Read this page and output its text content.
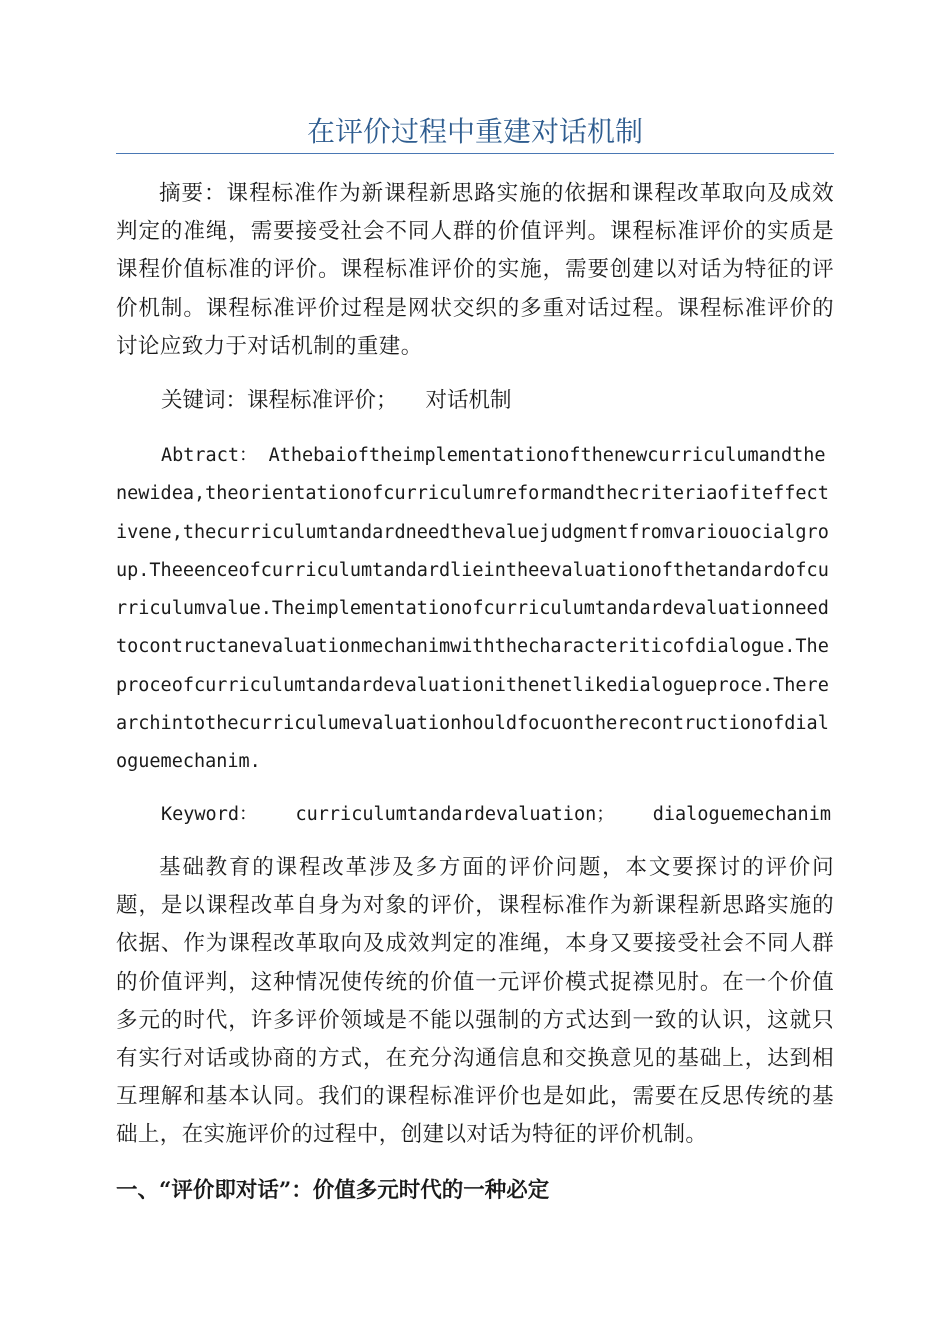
在评价过程中重建对话机制

摘要：课程标准作为新课程新思路实施的依据和课程改革取向及成效判定的准绳，需要接受社会不同人群的价值评判。课程标准评价的实质是课程价值标准的评价。课程标准评价的实施，需要创建以对话为特征的评价机制。课程标准评价过程是网状交织的多重对话过程。课程标准评价的讨论应致力于对话机制的重建。

关键词：课程标准评价； 对话机制

Abtract： Athebaioftheimplementationofthenewcurriculumandthenewidea,theorientationofcurriculumreformandthecriteriaofiteffectivene,thecurriculumtandardneedthevaluejudgmentfromvariouocialgroup.Theeenceofcurriculumtandardlieintheevaluationofthetandardofcurriculumvalue.Theimplementationofcurriculumtandardevaluationneedtocontructanevaluationmechanimwiththecharacteriticofdialogue.Theproceofcurriculumtandardevaluationithenetlikedialogueproce.Therearchintothecurriculumevaluationhouldfocuontherecontructionofdialoguemechanim.

Keyword： curriculumtandardevaluation； dialoguemechanim

基础教育的课程改革涉及多方面的评价问题，本文要探讨的评价问题，是以课程改革自身为对象的评价，课程标准作为新课程新思路实施的依据、作为课程改革取向及成效判定的准绳，本身又要接受社会不同人群的价值评判，这种情况使传统的价值一元评价模式捉襟见肘。在一个价值多元的时代，许多评价领域是不能以强制的方式达到一致的认识，这就只有实行对话或协商的方式，在充分沟通信息和交换意见的基础上，达到相互理解和基本认同。我们的课程标准评价也是如此，需要在反思传统的基础上，在实施评价的过程中，创建以对话为特征的评价机制。

一、“评价即对话”：价值多元时代的一种必定
